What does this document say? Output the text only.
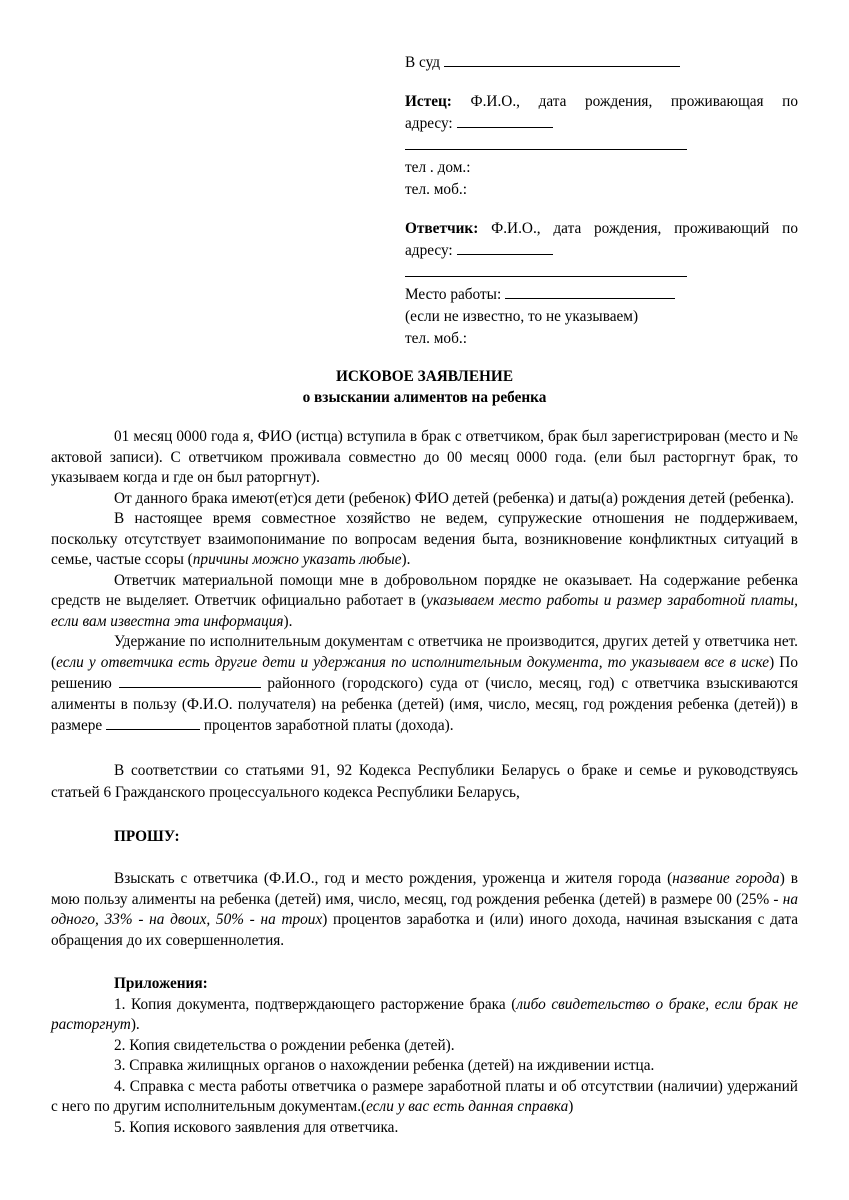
В суд
Истец: Ф.И.О., дата рождения, проживающая по
адресу:
тел . дом.:
тел. моб.:
Ответчик: Ф.И.О., дата рождения, проживающий по
адресу:
Место работы:
(если не известно, то не указываем)
тел. моб.:
ИСКОВОЕ ЗАЯВЛЕНИЕ
о взыскании алиментов на ребенка

01 месяц 0000 года я, ФИО (истца) вступила в брак с ответчиком, брак был зарегистрирован (место и № актовой записи). С ответчиком проживала совместно до 00 месяц 0000 года. (ели был расторгнут брак, то указываем когда и где он был раторгнут).

От данного брака имеют(ет)ся дети (ребенок) ФИО детей (ребенка) и даты(а) рождения детей (ребенка).

В настоящее время совместное хозяйство не ведем, супружеские отношения не поддерживаем, поскольку отсутствует взаимопонимание по вопросам ведения быта, возникновение конфликтных ситуаций в семье, частые ссоры (причины можно указать любые).

Ответчик материальной помощи мне в добровольном порядке не оказывает. На содержание ребенка средств не выделяет. Ответчик официально работает в (указываем место работы и размер заработной платы, если вам известна эта информация).

Удержание по исполнительным документам с ответчика не производится, других детей у ответчика нет. (если у ответчика есть другие дети и удержания по исполнительным документа, то указываем все в иске) По решению	районного (городского) суда от (число, месяц, год) с ответчика взыскиваются алименты в пользу (Ф.И.О. получателя) на ребенка (детей) (имя, число, месяц, год рождения ребенка (детей)) в размере	процентов заработной платы (дохода).

В соответствии со статьями 91, 92 Кодекса Республики Беларусь о браке и семье и руководствуясь статьей 6 Гражданского процессуального кодекса Республики Беларусь,

ПРОШУ:

Взыскать с ответчика (Ф.И.О., год и место рождения, уроженца и жителя города (название города) в мою пользу алименты на ребенка (детей) имя, число, месяц, год рождения ребенка (детей) в размере 00 (25% - на одного, 33% - на двоих, 50% - на троих) процентов заработка и (или) иного дохода, начиная взыскания с дата обращения до их совершеннолетия.

Приложения:

1. Копия документа, подтверждающего расторжение брака (либо свидетельство о браке, если брак не расторгнут).

2. Копия свидетельства о рождении ребенка (детей).

3. Справка жилищных органов о нахождении ребенка (детей) на иждивении истца.

4. Справка с места работы ответчика о размере заработной платы и об отсутствии (наличии) удержаний с него по другим исполнительным документам.(если у вас есть данная справка)

5. Копия искового заявления для ответчика.
